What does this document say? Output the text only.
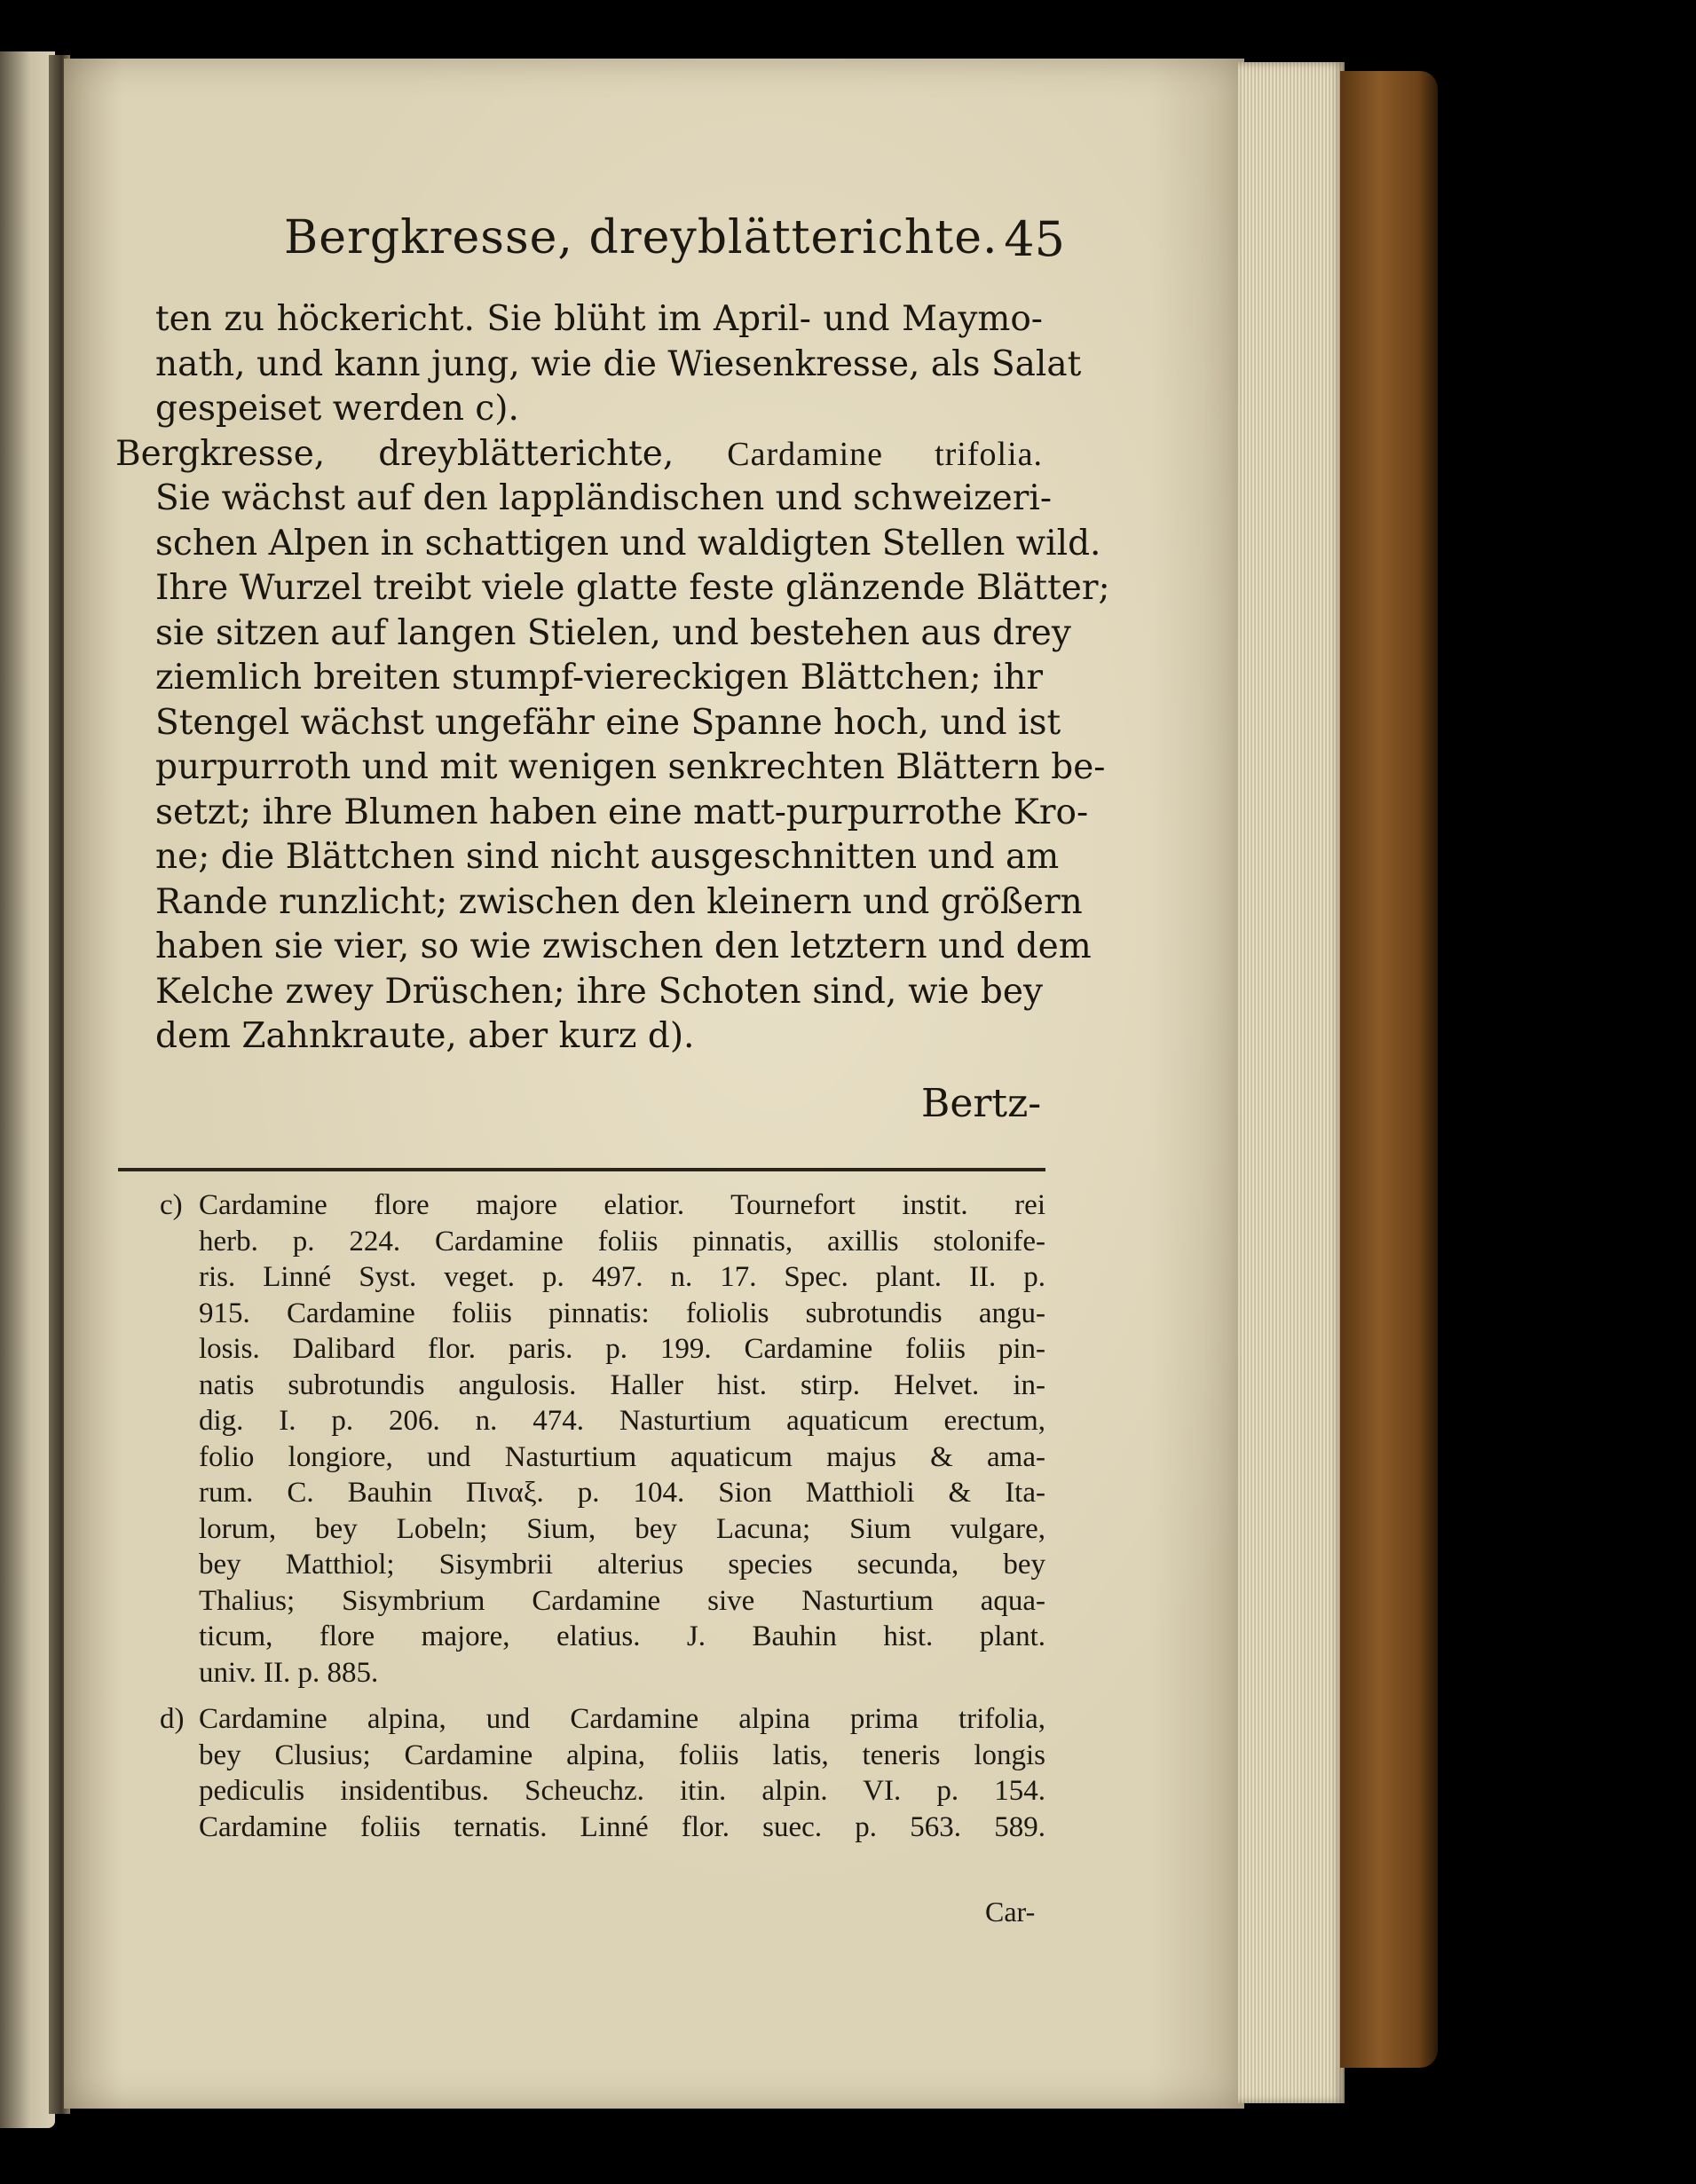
Bergkresse, dreyblätterichte. 45
ten zu höckericht. Sie blüht im April- und Maymo-
nath, und kann jung, wie die Wiesenkresse, als Salat
gespeiset werden c).
Bergkresse, dreyblätterichte, Cardamine trifolia.
Sie wächst auf den lappländischen und schweizeri-
schen Alpen in schattigen und waldigten Stellen wild.
Ihre Wurzel treibt viele glatte feste glänzende Blätter;
sie sitzen auf langen Stielen, und bestehen aus drey
ziemlich breiten stumpf-viereckigen Blättchen; ihr
Stengel wächst ungefähr eine Spanne hoch, und ist
purpurroth und mit wenigen senkrechten Blättern be-
setzt; ihre Blumen haben eine matt-purpurrothe Kro-
ne; die Blättchen sind nicht ausgeschnitten und am
Rande runzlicht; zwischen den kleinern und größern
haben sie vier, so wie zwischen den letztern und dem
Kelche zwey Drüschen; ihre Schoten sind, wie bey
dem Zahnkraute, aber kurz d).
Bertz-
c) Cardamine flore majore elatior. Tournefort instit. rei
herb. p. 224. Cardamine foliis pinnatis, axillis stolonife-
ris. Linné Syst. veget. p. 497. n. 17. Spec. plant. II. p.
915. Cardamine foliis pinnatis: foliolis subrotundis angu-
losis. Dalibard flor. paris. p. 199. Cardamine foliis pin-
natis subrotundis angulosis. Haller hist. stirp. Helvet. in-
dig. I. p. 206. n. 474. Nasturtium aquaticum erectum,
folio longiore, und Nasturtium aquaticum majus & ama-
rum. C. Bauhin Πιναξ. p. 104. Sion Matthioli & Ita-
lorum, bey Lobeln; Sium, bey Lacuna; Sium vulgare,
bey Matthiol; Sisymbrii alterius species secunda, bey
Thalius; Sisymbrium Cardamine sive Nasturtium aqua-
ticum, flore majore, elatius. J. Bauhin hist. plant.
univ. II. p. 885.
d) Cardamine alpina, und Cardamine alpina prima trifolia,
bey Clusius; Cardamine alpina, foliis latis, teneris longis
pediculis insidentibus. Scheuchz. itin. alpin. VI. p. 154.
Cardamine foliis ternatis. Linné flor. suec. p. 563. 589.
Car-
